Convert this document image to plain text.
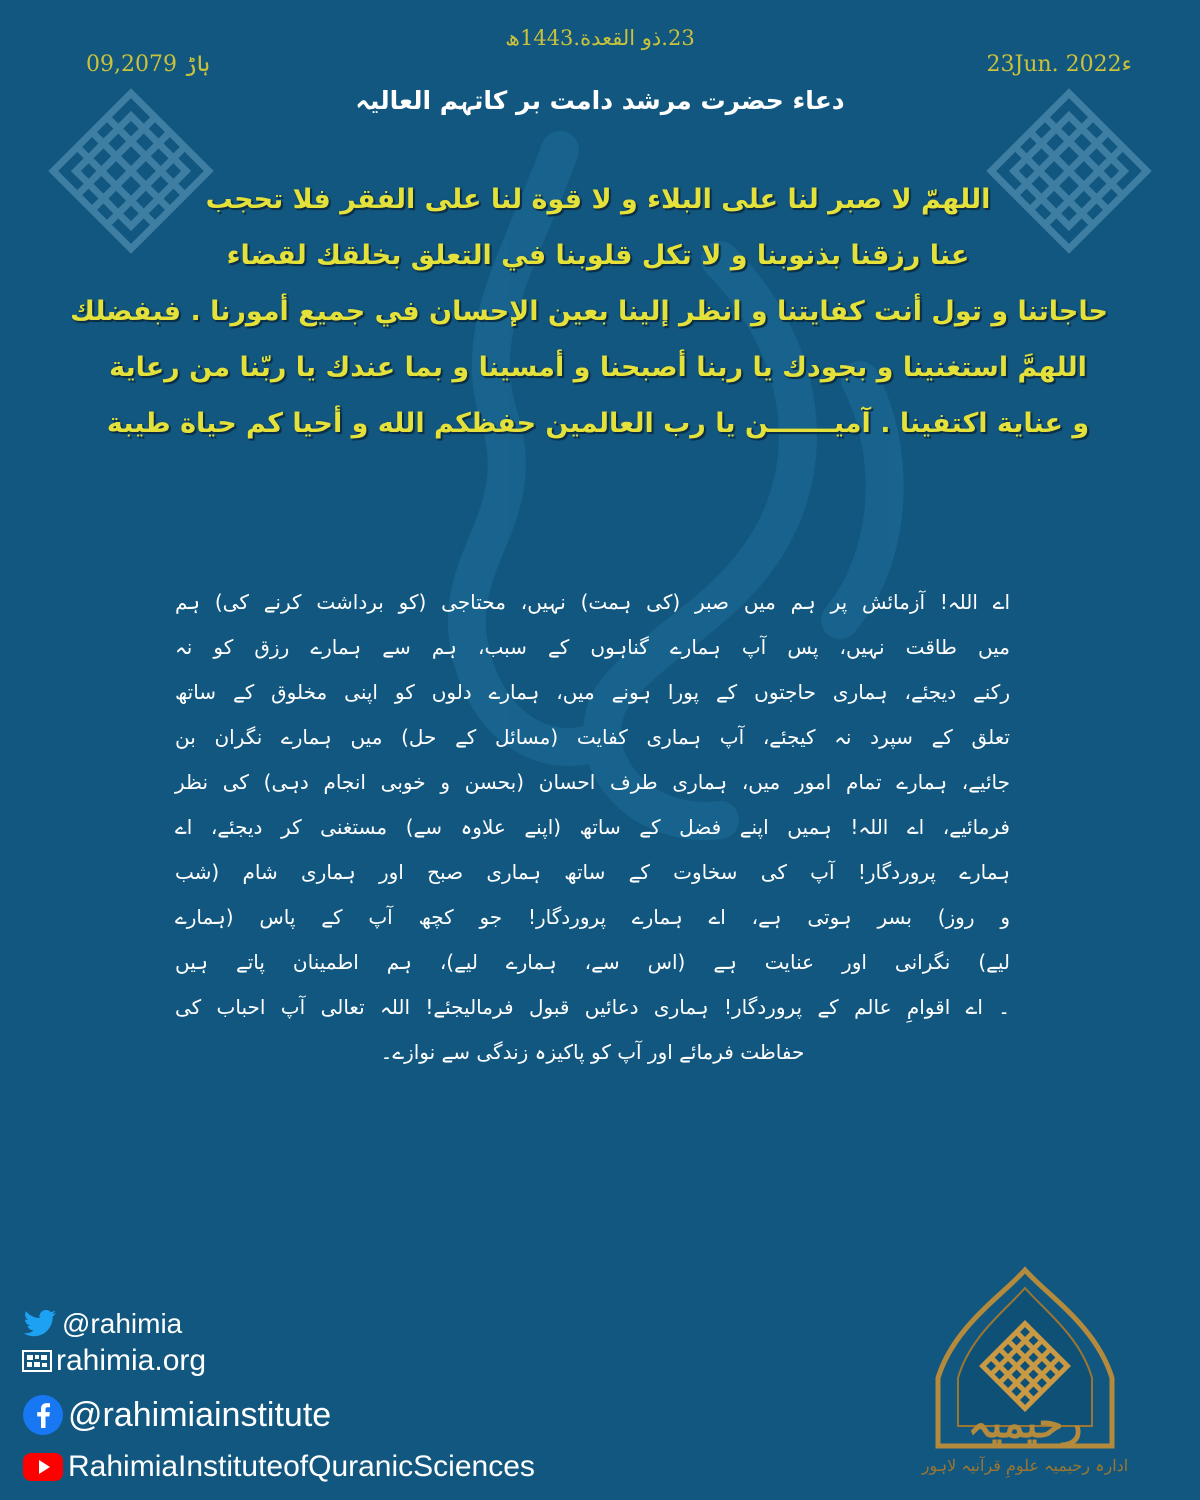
09,ہاڑ 2079
23.ذو القعدة.1443ھ
23Jun. 2022ء
دعاء حضرت مرشد دامت بر کاتہم العالیہ
اللهمّ لا صبر لنا على البلاء و لا قوة لنا على الفقر فلا تحجب
عنا رزقنا بذنوبنا و لا تكل قلوبنا في التعلق بخلقك لقضاء
حاجاتنا و تول أنت كفايتنا و انظر إلينا بعين الإحسان في جميع أمورنا . فبفضلك
اللهمَّ استغنينا و بجودك يا ربنا أصبحنا و أمسينا و بما عندك يا ربّنا من رعاية
و عناية اكتفينا . آميـــــــن يا رب العالمين حفظكم الله و أحيا كم حياة طيبة
اے اللہ! آزمائش پر ہم میں صبر (کی ہمت) نہیں، محتاجی (کو برداشت کرنے کی) ہم
میں طاقت نہیں، پس آپ ہمارے گناہوں کے سبب، ہم سے ہمارے رزق کو نہ
رکنے دیجئے، ہماری حاجتوں کے پورا ہونے میں، ہمارے دلوں کو اپنی مخلوق کے ساتھ
تعلق کے سپرد نہ کیجئے، آپ ہماری کفایت (مسائل کے حل) میں ہمارے نگران بن
جائیے، ہمارے تمام امور میں، ہماری طرف احسان (بحسن و خوبی انجام دہی) کی نظر
فرمائیے، اے اللہ! ہمیں اپنے فضل کے ساتھ (اپنے علاوہ سے) مستغنی کر دیجئے، اے
ہمارے پروردگار! آپ کی سخاوت کے ساتھ ہماری صبح اور ہماری شام (شب
و روز) بسر ہوتی ہے، اے ہمارے پروردگار! جو کچھ آپ کے پاس (ہمارے
لیے) نگرانی اور عنایت ہے (اس سے، ہمارے لیے)، ہم اطمینان پاتے ہیں
۔ اے اقوامِ عالم کے پروردگار! ہماری دعائیں قبول فرمالیجئے! اللہ تعالی آپ احباب کی
حفاظت فرمائے اور آپ کو پاکیزہ زندگی سے نوازے۔
@rahimia
rahimia.org
@rahimiainstitute
RahimiaInstituteofQuranicSciences
رحیمیہ
ادارہ رحیمیہ علومِ قرآنیہ لاہور
